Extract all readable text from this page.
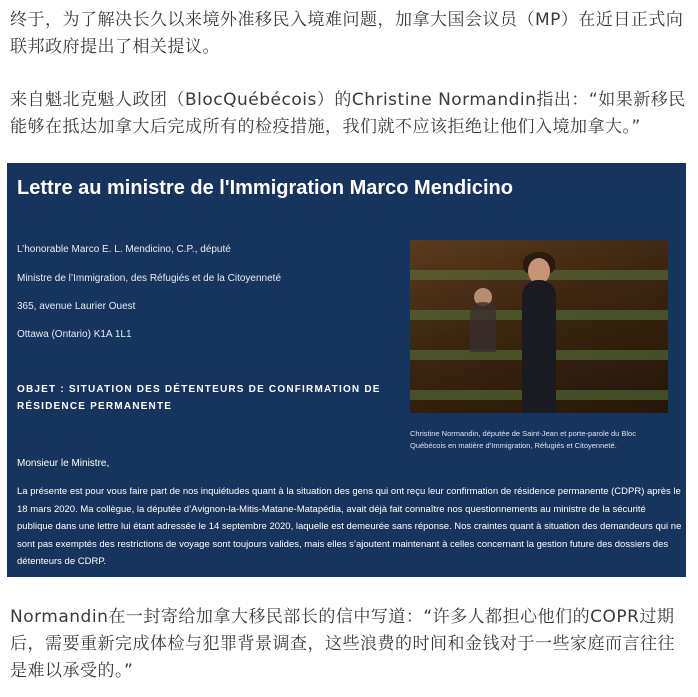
终于，为了解决长久以来境外准移民入境难问题，加拿大国会议员（MP）在近日正式向联邦政府提出了相关提议。

来自魁北克魁人政团（BlocQuébécois）的Christine Normandin指出：“如果新移民能够在抵达加拿大后完成所有的检疫措施，我们就不应该拒绝让他们入境加拿大。”

Lettre au ministre de l'Immigration Marco Mendicino

L’honorable Marco E. L. Mendicino, C.P., député

Ministre de l’Immigration, des Réfugiés et de la Citoyenneté

365, avenue Laurier Ouest

Ottawa (Ontario) K1A 1L1

OBJET : SITUATION DES DÉTENTEURS DE CONFIRMATION DE RÉSIDENCE PERMANENTE

Christine Normandin, députée de Saint-Jean et porte-parole du Bloc Québécois en matière d’Immigration, Réfugiés et Citoyenneté.

Monsieur le Ministre,

La présente est pour vous faire part de nos inquiétudes quant à la situation des gens qui ont reçu leur confirmation de résidence permanente (CDPR) après le 18 mars 2020. Ma collègue, la députée d’Avignon-la-Mitis-Matane-Matapédia, avait déjà fait connaître nos questionnements au ministre de la sécurité publique dans une lettre lui étant adressée le 14 septembre 2020, laquelle est demeurée sans réponse. Nos craintes quant à situation des demandeurs qui ne sont pas exemptés des restrictions de voyage sont toujours valides, mais elles s’ajoutent maintenant à celles concernant la gestion future des dossiers des détenteurs de CDRP.

Normandin在一封寄给加拿大移民部长的信中写道：“许多人都担心他们的COPR过期后，需要重新完成体检与犯罪背景调查，这些浪费的时间和金钱对于一些家庭而言往往是难以承受的。”
